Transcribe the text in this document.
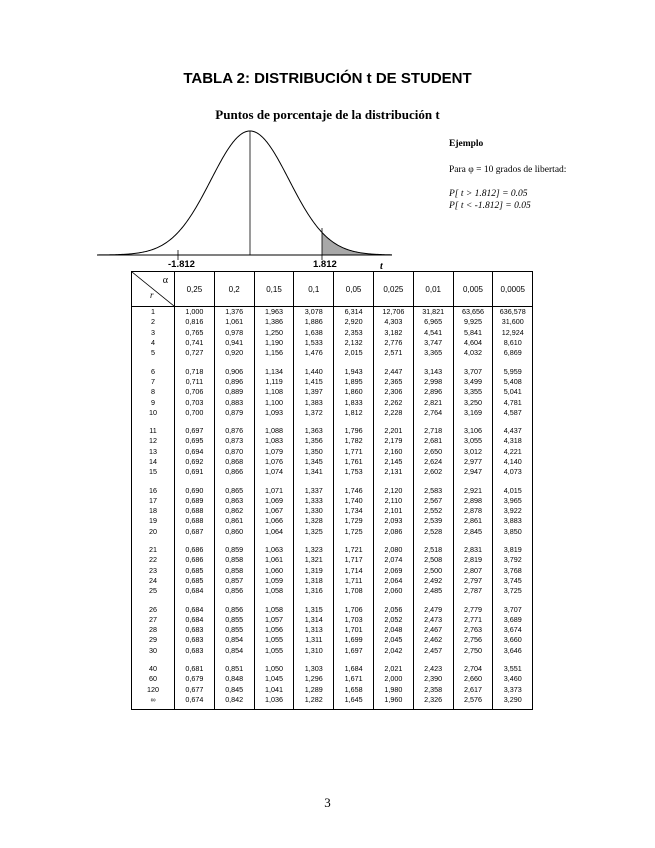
TABLA 2: DISTRIBUCIÓN t DE STUDENT
Puntos de porcentaje de la distribución t
-1.812	1.812	t
Ejemplo
Para φ = 10 grados de libertad:
P[ t > 1.812] = 0.05
P[ t < -1.812] = 0.05
α
r	0,25	0,2	0,15	0,1	0,05	0,025	0,01	0,005	0,0005
1	1,000	1,376	1,963	3,078	6,314	12,706	31,821	63,656	636,578
2	0,816	1,061	1,386	1,886	2,920	4,303	6,965	9,925	31,600
3	0,765	0,978	1,250	1,638	2,353	3,182	4,541	5,841	12,924
4	0,741	0,941	1,190	1,533	2,132	2,776	3,747	4,604	8,610
5	0,727	0,920	1,156	1,476	2,015	2,571	3,365	4,032	6,869
6	0,718	0,906	1,134	1,440	1,943	2,447	3,143	3,707	5,959
7	0,711	0,896	1,119	1,415	1,895	2,365	2,998	3,499	5,408
8	0,706	0,889	1,108	1,397	1,860	2,306	2,896	3,355	5,041
9	0,703	0,883	1,100	1,383	1,833	2,262	2,821	3,250	4,781
10	0,700	0,879	1,093	1,372	1,812	2,228	2,764	3,169	4,587
11	0,697	0,876	1,088	1,363	1,796	2,201	2,718	3,106	4,437
12	0,695	0,873	1,083	1,356	1,782	2,179	2,681	3,055	4,318
13	0,694	0,870	1,079	1,350	1,771	2,160	2,650	3,012	4,221
14	0,692	0,868	1,076	1,345	1,761	2,145	2,624	2,977	4,140
15	0,691	0,866	1,074	1,341	1,753	2,131	2,602	2,947	4,073
16	0,690	0,865	1,071	1,337	1,746	2,120	2,583	2,921	4,015
17	0,689	0,863	1,069	1,333	1,740	2,110	2,567	2,898	3,965
18	0,688	0,862	1,067	1,330	1,734	2,101	2,552	2,878	3,922
19	0,688	0,861	1,066	1,328	1,729	2,093	2,539	2,861	3,883
20	0,687	0,860	1,064	1,325	1,725	2,086	2,528	2,845	3,850
21	0,686	0,859	1,063	1,323	1,721	2,080	2,518	2,831	3,819
22	0,686	0,858	1,061	1,321	1,717	2,074	2,508	2,819	3,792
23	0,685	0,858	1,060	1,319	1,714	2,069	2,500	2,807	3,768
24	0,685	0,857	1,059	1,318	1,711	2,064	2,492	2,797	3,745
25	0,684	0,856	1,058	1,316	1,708	2,060	2,485	2,787	3,725
26	0,684	0,856	1,058	1,315	1,706	2,056	2,479	2,779	3,707
27	0,684	0,855	1,057	1,314	1,703	2,052	2,473	2,771	3,689
28	0,683	0,855	1,056	1,313	1,701	2,048	2,467	2,763	3,674
29	0,683	0,854	1,055	1,311	1,699	2,045	2,462	2,756	3,660
30	0,683	0,854	1,055	1,310	1,697	2,042	2,457	2,750	3,646
40	0,681	0,851	1,050	1,303	1,684	2,021	2,423	2,704	3,551
60	0,679	0,848	1,045	1,296	1,671	2,000	2,390	2,660	3,460
120	0,677	0,845	1,041	1,289	1,658	1,980	2,358	2,617	3,373
∞	0,674	0,842	1,036	1,282	1,645	1,960	2,326	2,576	3,290
3
